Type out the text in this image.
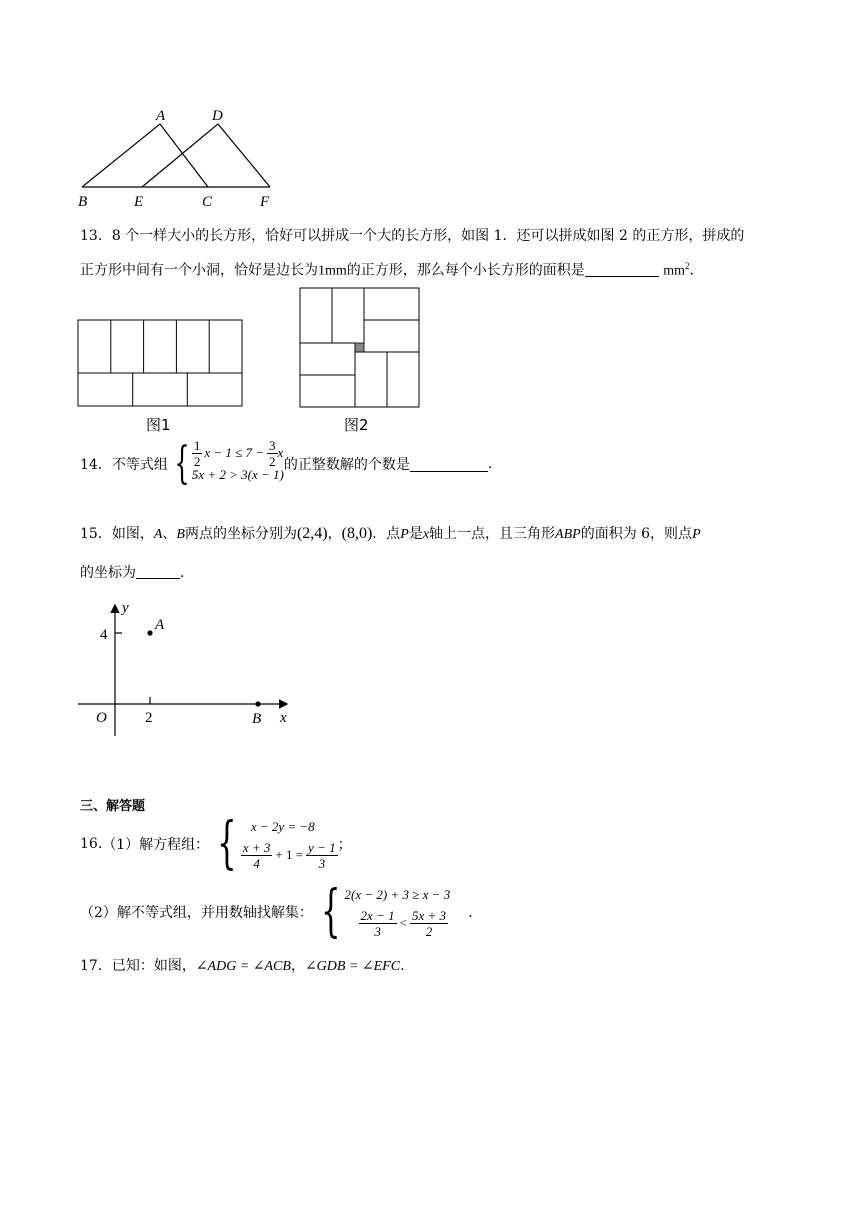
A	D
B	E	C	F
13．8 个一样大小的长方形，恰好可以拼成一个大的长方形，如图 1．还可以拼成如图 2 的正方形，拼成的
正方形中间有一个小洞，恰好是边长为1mm的正方形，那么每个小长方形的面积是	$mm^2$．
图1	图2
14． 不等式组 { $\frac{1}{2}$ $x - 1 \le 7 - \frac{3}{2}$ x
5x + 2 > 3(x − 1)
的正整数解的个数是	.
15．如图，A、B两点的坐标分别为(2,4)，(8,0)．点P是x轴上一点，且三角形ABP的面积为 6，则点P
的坐标为	.
y
x
O
4
2
A
B
三、解答题
16. （1）解方程组： { x − 2y = −8
$\frac{x + 3}{4} + 1 = \frac{y - 1}{3}$ ；
（2）解不等式组，并用数轴找解集： { 2(x − 2) + 3 ≥ x − 3
$\frac{2x - 1}{3} < \frac{5x + 3}{2}$ ．
17．已知：如图，∠ADG = ∠ACB，∠GDB = ∠EFC.
